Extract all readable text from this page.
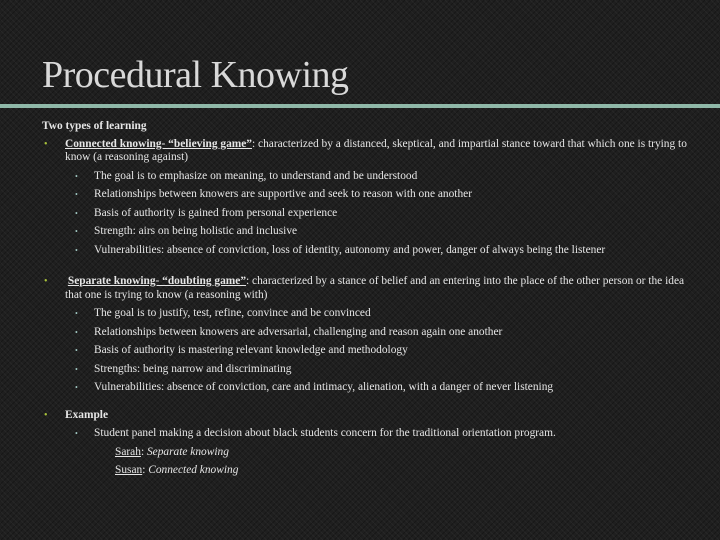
Procedural Knowing
Two types of learning
• Connected knowing- “believing game”: characterized by a distanced, skeptical, and impartial stance toward that which one is trying to know (a reasoning against)
• The goal is to emphasize on meaning, to understand and be understood
• Relationships between knowers are supportive and seek to reason with one another
• Basis of authority is gained from personal experience
• Strength: airs on being holistic and inclusive
• Vulnerabilities: absence of conviction, loss of identity, autonomy and power, danger of always being the listener
• Separate knowing- “doubting game”: characterized by a stance of belief and an entering into the place of the other person or the idea that one is trying to know (a reasoning with)
• The goal is to justify, test, refine, convince and be convinced
• Relationships between knowers are adversarial, challenging and reason again one another
• Basis of authority is mastering relevant knowledge and methodology
• Strengths: being narrow and discriminating
• Vulnerabilities: absence of conviction, care and intimacy, alienation, with a danger of never listening
• Example
• Student panel making a decision about black students concern for the traditional orientation program.
Sarah: Separate knowing
Susan: Connected knowing
